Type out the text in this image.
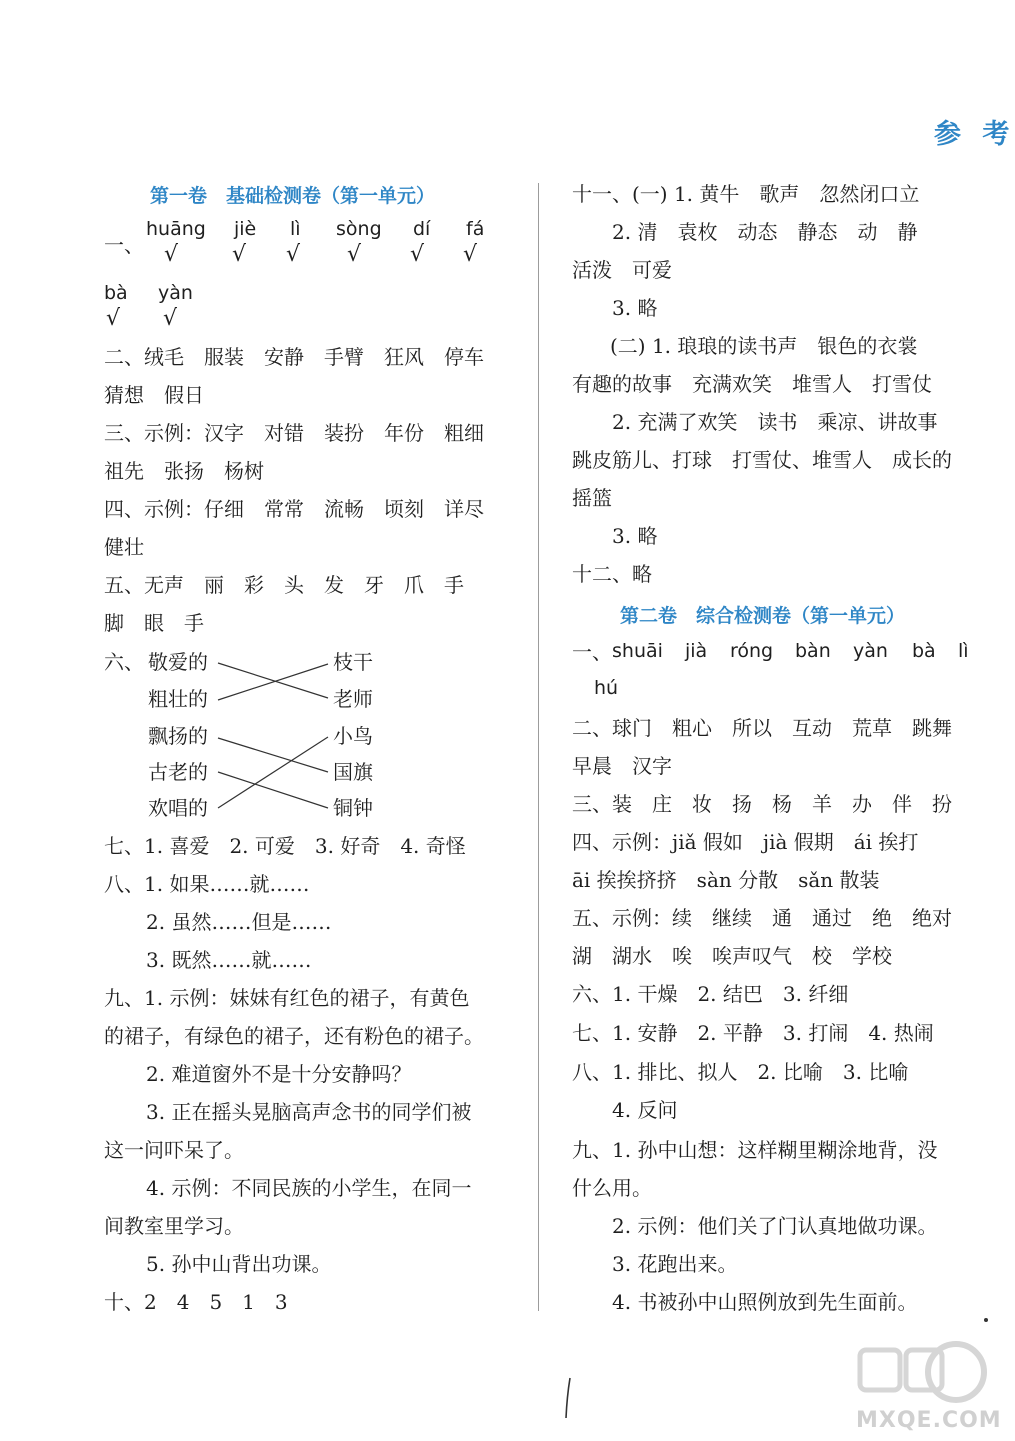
参 考
第一卷　基础检测卷（第一单元）
一、
huāng jiè lì sòng dí fá
√ √ √ √ √ √
bà yàn
√ √
二、绒毛　服装　安静　手臂　狂风　停车
猜想　假日
三、示例：汉字　对错　装扮　年份　粗细
祖先　张扬　杨树
四、示例：仔细　常常　流畅　顷刻　详尽
健壮
五、无声　丽　彩　头　发　牙　爪　手
脚　眼　手
六、 敬爱的
粗壮的
飘扬的
古老的
欢唱的
枝干
老师
小鸟
国旗
铜钟
七、1. 喜爱　2. 可爱　3. 好奇　4. 奇怪
八、1. 如果……就……
2. 虽然……但是……
3. 既然……就……
九、1. 示例：妹妹有红色的裙子，有黄色
的裙子，有绿色的裙子，还有粉色的裙子。
2. 难道窗外不是十分安静吗？
3. 正在摇头晃脑高声念书的同学们被
这一问吓呆了。
4. 示例：不同民族的小学生，在同一
间教室里学习。
5. 孙中山背出功课。
十、2　4　5　1　3
十一、(一) 1. 黄牛　歌声　忽然闭口立
2. 清　袁枚　动态　静态　动　静
活泼　可爱
3. 略
(二) 1. 琅琅的读书声　银色的衣裳
有趣的故事　充满欢笑　堆雪人　打雪仗
2. 充满了欢笑　读书　乘凉、讲故事
跳皮筋儿、打球　打雪仗、堆雪人　成长的
摇篮
3. 略
十二、略
第二卷　综合检测卷（第一单元）
一、 shuāi jià róng bàn yàn bà lì
hú
二、球门　粗心　所以　互动　荒草　跳舞
早晨　汉字
三、装　庄　妆　扬　杨　羊　办　伴　扮
四、示例：jiǎ 假如　jià 假期　ái 挨打
āi 挨挨挤挤　sàn 分散　sǎn 散装
五、示例：续　继续　通　通过　绝　绝对
湖　湖水　唉　唉声叹气　校　学校
六、1. 干燥　2. 结巴　3. 纤细
七、1. 安静　2. 平静　3. 打闹　4. 热闹
八、1. 排比、拟人　2. 比喻　3. 比喻
4. 反问
九、1. 孙中山想：这样糊里糊涂地背，没
什么用。
2. 示例：他们关了门认真地做功课。
3. 花跑出来。
4. 书被孙中山照例放到先生面前。
MXQE.COM
